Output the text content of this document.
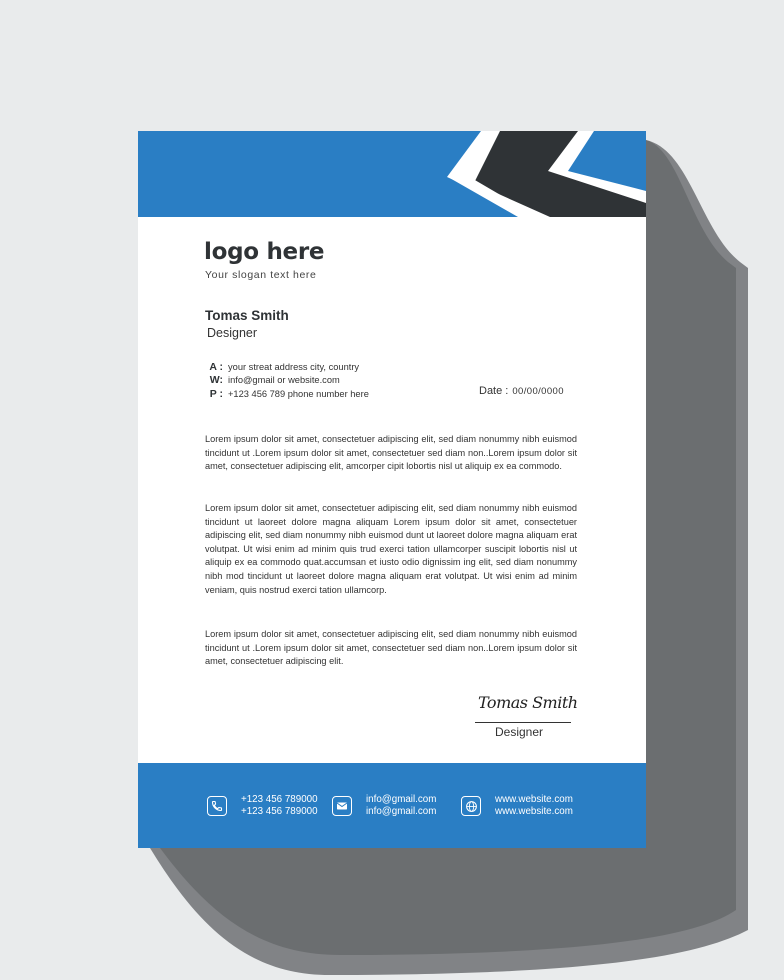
logo here
Your slogan text here
Tomas Smith
Designer
A : your streat address city, country
W: info@gmail or website.com
P : +123 456 789 phone number here	Date : 00/00/0000
Lorem ipsum dolor sit amet, consectetuer adipiscing elit, sed diam nonummy nibh euismod tincidunt ut .Lorem ipsum dolor sit amet, consectetuer sed diam non..Lorem ipsum dolor sit amet, consectetuer adipiscing elit, amcorper cipit lobortis nisl ut aliquip ex ea commodo.
Lorem ipsum dolor sit amet, consectetuer adipiscing elit, sed diam nonummy nibh euismod tincidunt ut laoreet dolore magna aliquam Lorem ipsum dolor sit amet, consectetuer adipiscing elit, sed diam nonummy nibh euismod dunt ut laoreet dolore magna aliquam erat volutpat. Ut wisi enim ad minim quis trud exerci tation ullamcorper suscipit lobortis nisl ut aliquip ex ea commodo quat.accumsan et iusto odio dignissim ing elit, sed diam nonummy nibh mod tincidunt ut laoreet dolore magna aliquam erat volutpat. Ut wisi enim ad minim veniam, quis nostrud exerci tation ullamcorp.
Lorem ipsum dolor sit amet, consectetuer adipiscing elit, sed diam nonummy nibh euismod tincidunt ut .Lorem ipsum dolor sit amet, consectetuer sed diam non..Lorem ipsum dolor sit amet, consectetuer adipiscing elit.
Tomas Smith
Designer
+123 456 789000
+123 456 789000
info@gmail.com
info@gmail.com
www.website.com
www.website.com
